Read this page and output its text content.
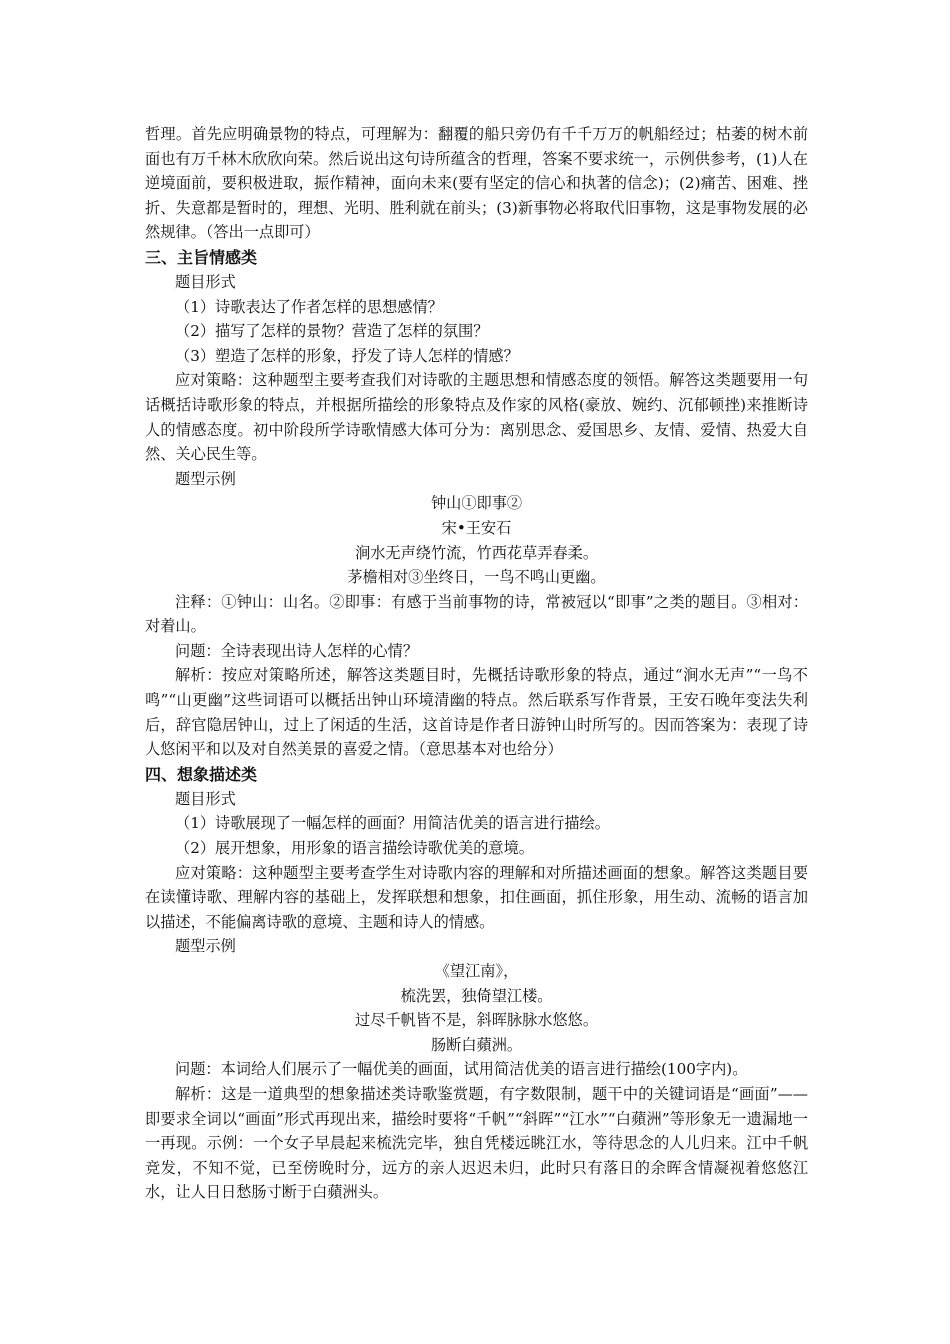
哲理。首先应明确景物的特点，可理解为：翻覆的船只旁仍有千千万万的帆船经过；枯萎的树木前面也有万千林木欣欣向荣。然后说出这句诗所蕴含的哲理，答案不要求统一，示例供参考，(1)人在逆境面前，要积极进取，振作精神，面向未来(要有坚定的信心和执著的信念)；(2)痛苦、困难、挫折、失意都是暂时的，理想、光明、胜利就在前头；(3)新事物必将取代旧事物，这是事物发展的必然规律。（答出一点即可）

三、主旨情感类

题目形式

（1）诗歌表达了作者怎样的思想感情？

（2）描写了怎样的景物？营造了怎样的氛围？

（3）塑造了怎样的形象，抒发了诗人怎样的情感？

应对策略：这种题型主要考查我们对诗歌的主题思想和情感态度的领悟。解答这类题要用一句话概括诗歌形象的特点，并根据所描绘的形象特点及作家的风格(豪放、婉约、沉郁顿挫)来推断诗人的情感态度。初中阶段所学诗歌情感大体可分为：离别思念、爱国思乡、友情、爱情、热爱大自然、关心民生等。

题型示例

钟山①即事②

宋•王安石

涧水无声绕竹流，竹西花草弄春柔。

茅檐相对③坐终日，一鸟不鸣山更幽。

注释：①钟山：山名。②即事：有感于当前事物的诗，常被冠以“即事”之类的题目。③相对：对着山。

问题：全诗表现出诗人怎样的心情？

解析：按应对策略所述，解答这类题目时，先概括诗歌形象的特点，通过“涧水无声”“一鸟不鸣”“山更幽”这些词语可以概括出钟山环境清幽的特点。然后联系写作背景，王安石晚年变法失利后，辞官隐居钟山，过上了闲适的生活，这首诗是作者日游钟山时所写的。因而答案为：表现了诗人悠闲平和以及对自然美景的喜爱之情。（意思基本对也给分）

四、想象描述类

题目形式

（1）诗歌展现了一幅怎样的画面？用简洁优美的语言进行描绘。

（2）展开想象，用形象的语言描绘诗歌优美的意境。

应对策略：这种题型主要考查学生对诗歌内容的理解和对所描述画面的想象。解答这类题目要在读懂诗歌、理解内容的基础上，发挥联想和想象，扣住画面，抓住形象，用生动、流畅的语言加以描述，不能偏离诗歌的意境、主题和诗人的情感。

题型示例

《望江南》，

梳洗罢，独倚望江楼。

过尽千帆皆不是，斜晖脉脉水悠悠。

肠断白蘋洲。

问题：本词给人们展示了一幅优美的画面，试用简洁优美的语言进行描绘(100字内)。

解析：这是一道典型的想象描述类诗歌鉴赏题，有字数限制，题干中的关键词语是“画面”——即要求全词以“画面”形式再现出来，描绘时要将“千帆”“斜晖”“江水”“白蘋洲”等形象无一遗漏地一一再现。示例：一个女子早晨起来梳洗完毕，独自凭楼远眺江水，等待思念的人儿归来。江中千帆竞发，不知不觉，已至傍晚时分，远方的亲人迟迟未归，此时只有落日的余晖含情凝视着悠悠江水，让人日日愁肠寸断于白蘋洲头。
